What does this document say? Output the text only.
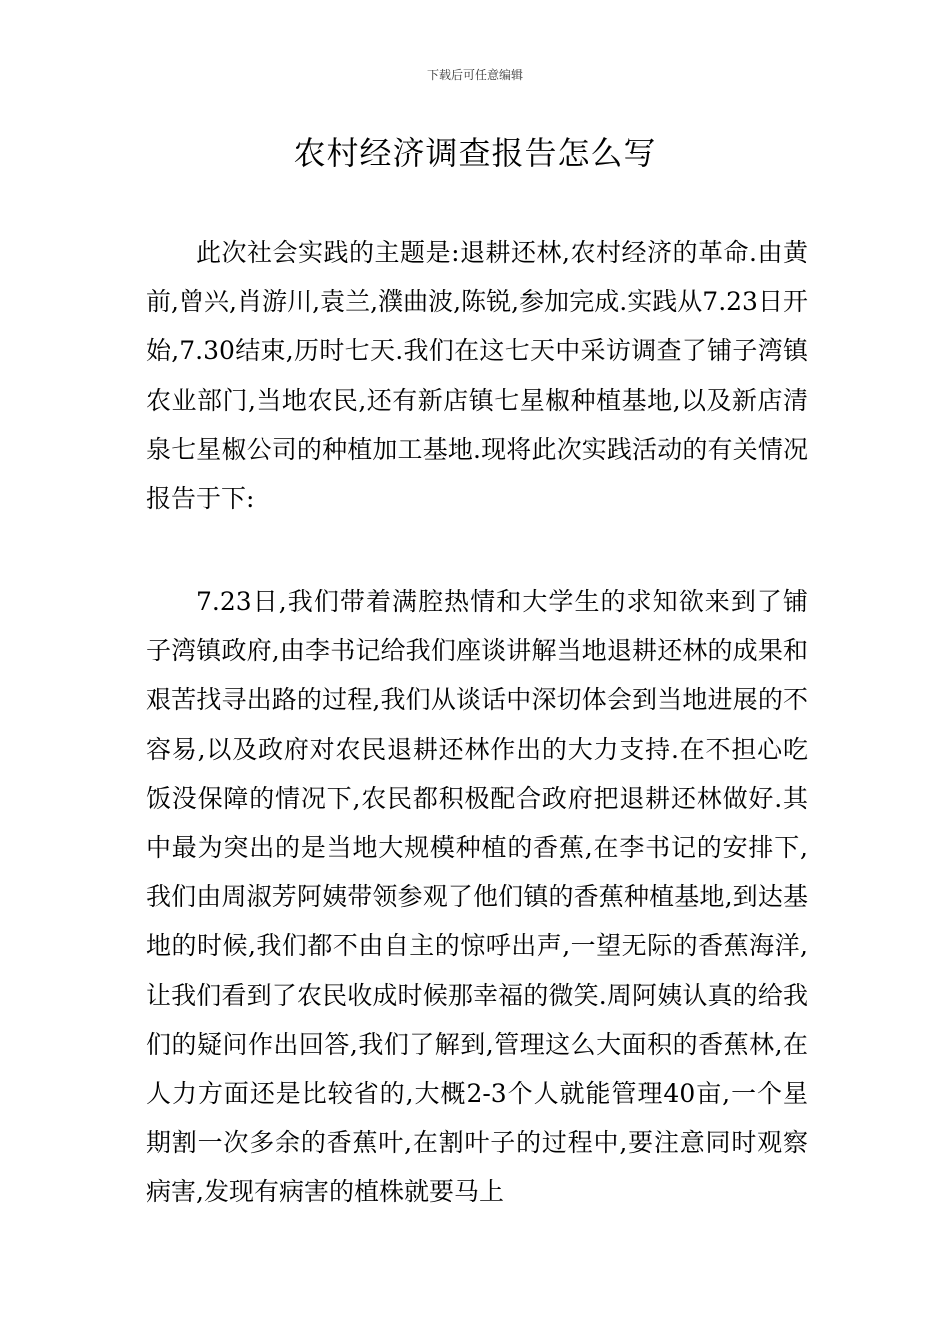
下载后可任意编辑
农村经济调查报告怎么写

此次社会实践的主题是:退耕还林,农村经济的革命.由黄前,曾兴,肖游川,袁兰,濮曲波,陈锐,参加完成.实践从7.23日开始,7.30结束,历时七天.我们在这七天中采访调查了铺子湾镇农业部门,当地农民,还有新店镇七星椒种植基地,以及新店清泉七星椒公司的种植加工基地.现将此次实践活动的有关情况报告于下:

7.23日,我们带着满腔热情和大学生的求知欲来到了铺子湾镇政府,由李书记给我们座谈讲解当地退耕还林的成果和艰苦找寻出路的过程,我们从谈话中深切体会到当地进展的不容易,以及政府对农民退耕还林作出的大力支持.在不担心吃饭没保障的情况下,农民都积极配合政府把退耕还林做好.其中最为突出的是当地大规模种植的香蕉,在李书记的安排下,我们由周淑芳阿姨带领参观了他们镇的香蕉种植基地,到达基地的时候,我们都不由自主的惊呼出声,一望无际的香蕉海洋,让我们看到了农民收成时候那幸福的微笑.周阿姨认真的给我们的疑问作出回答,我们了解到,管理这么大面积的香蕉林,在人力方面还是比较省的,大概2-3个人就能管理40亩,一个星期割一次多余的香蕉叶,在割叶子的过程中,要注意同时观察病害,发现有病害的植株就要马上
